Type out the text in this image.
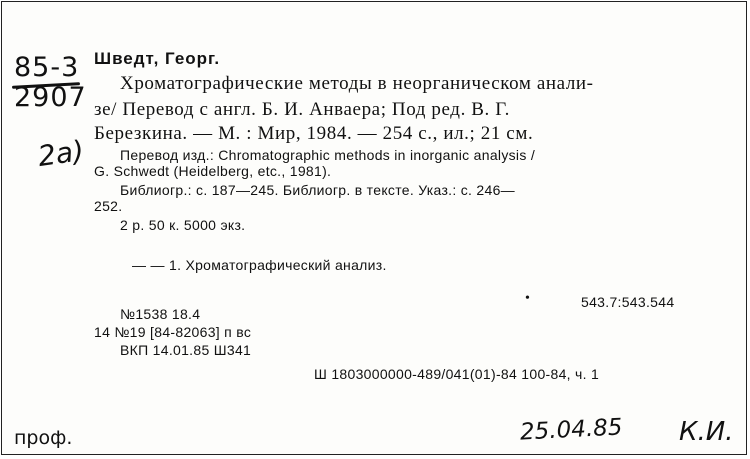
85-3
2907
2a)
Шведт, Георг.
Хроматографические методы в неорганическом анали-
зе/ Перевод с англ. Б. И. Анваера; Под ред. В. Г.
Березкина. — М. : Мир, 1984. — 254 с., ил.; 21 см.
Перевод изд.: Chromatographic methods in inorganic analysis /
G. Schwedt (Heidelberg, etc., 1981).
Библиогр.: с. 187—245. Библиогр. в тексте. Указ.: с. 246—
252.
2 р. 50 к. 5000 экз.
— — 1. Хроматографический анализ.
•	543.7:543.544
№1538 18.4
14 №19 [84-82063] п вс
ВКП 14.01.85 Ш341
Ш 1803000000-489/041(01)-84 100-84, ч. 1
проф.	25.04.85 К.И.
